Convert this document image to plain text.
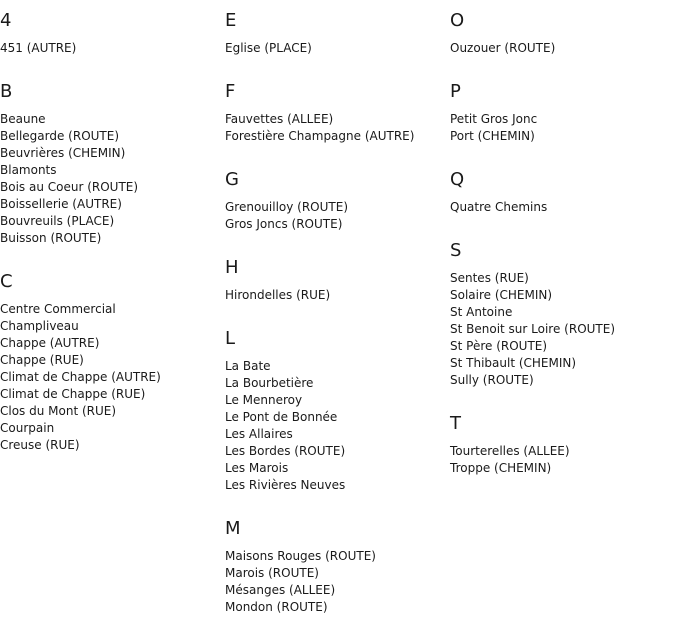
4
451 (AUTRE)
B
Beaune
Bellegarde (ROUTE)
Beuvrières (CHEMIN)
Blamonts
Bois au Coeur (ROUTE)
Boissellerie (AUTRE)
Bouvreuils (PLACE)
Buisson (ROUTE)
C
Centre Commercial
Champliveau
Chappe (AUTRE)
Chappe (RUE)
Climat de Chappe (AUTRE)
Climat de Chappe (RUE)
Clos du Mont (RUE)
Courpain
Creuse (RUE)
E
Eglise (PLACE)
F
Fauvettes (ALLEE)
Forestière Champagne (AUTRE)
G
Grenouilloy (ROUTE)
Gros Joncs (ROUTE)
H
Hirondelles (RUE)
L
La Bate
La Bourbetière
Le Menneroy
Le Pont de Bonnée
Les Allaires
Les Bordes (ROUTE)
Les Marois
Les Rivières Neuves
M
Maisons Rouges (ROUTE)
Marois (ROUTE)
Mésanges (ALLEE)
Mondon (ROUTE)
O
Ouzouer (ROUTE)
P
Petit Gros Jonc
Port (CHEMIN)
Q
Quatre Chemins
S
Sentes (RUE)
Solaire (CHEMIN)
St Antoine
St Benoit sur Loire (ROUTE)
St Père (ROUTE)
St Thibault (CHEMIN)
Sully (ROUTE)
T
Tourterelles (ALLEE)
Troppe (CHEMIN)
